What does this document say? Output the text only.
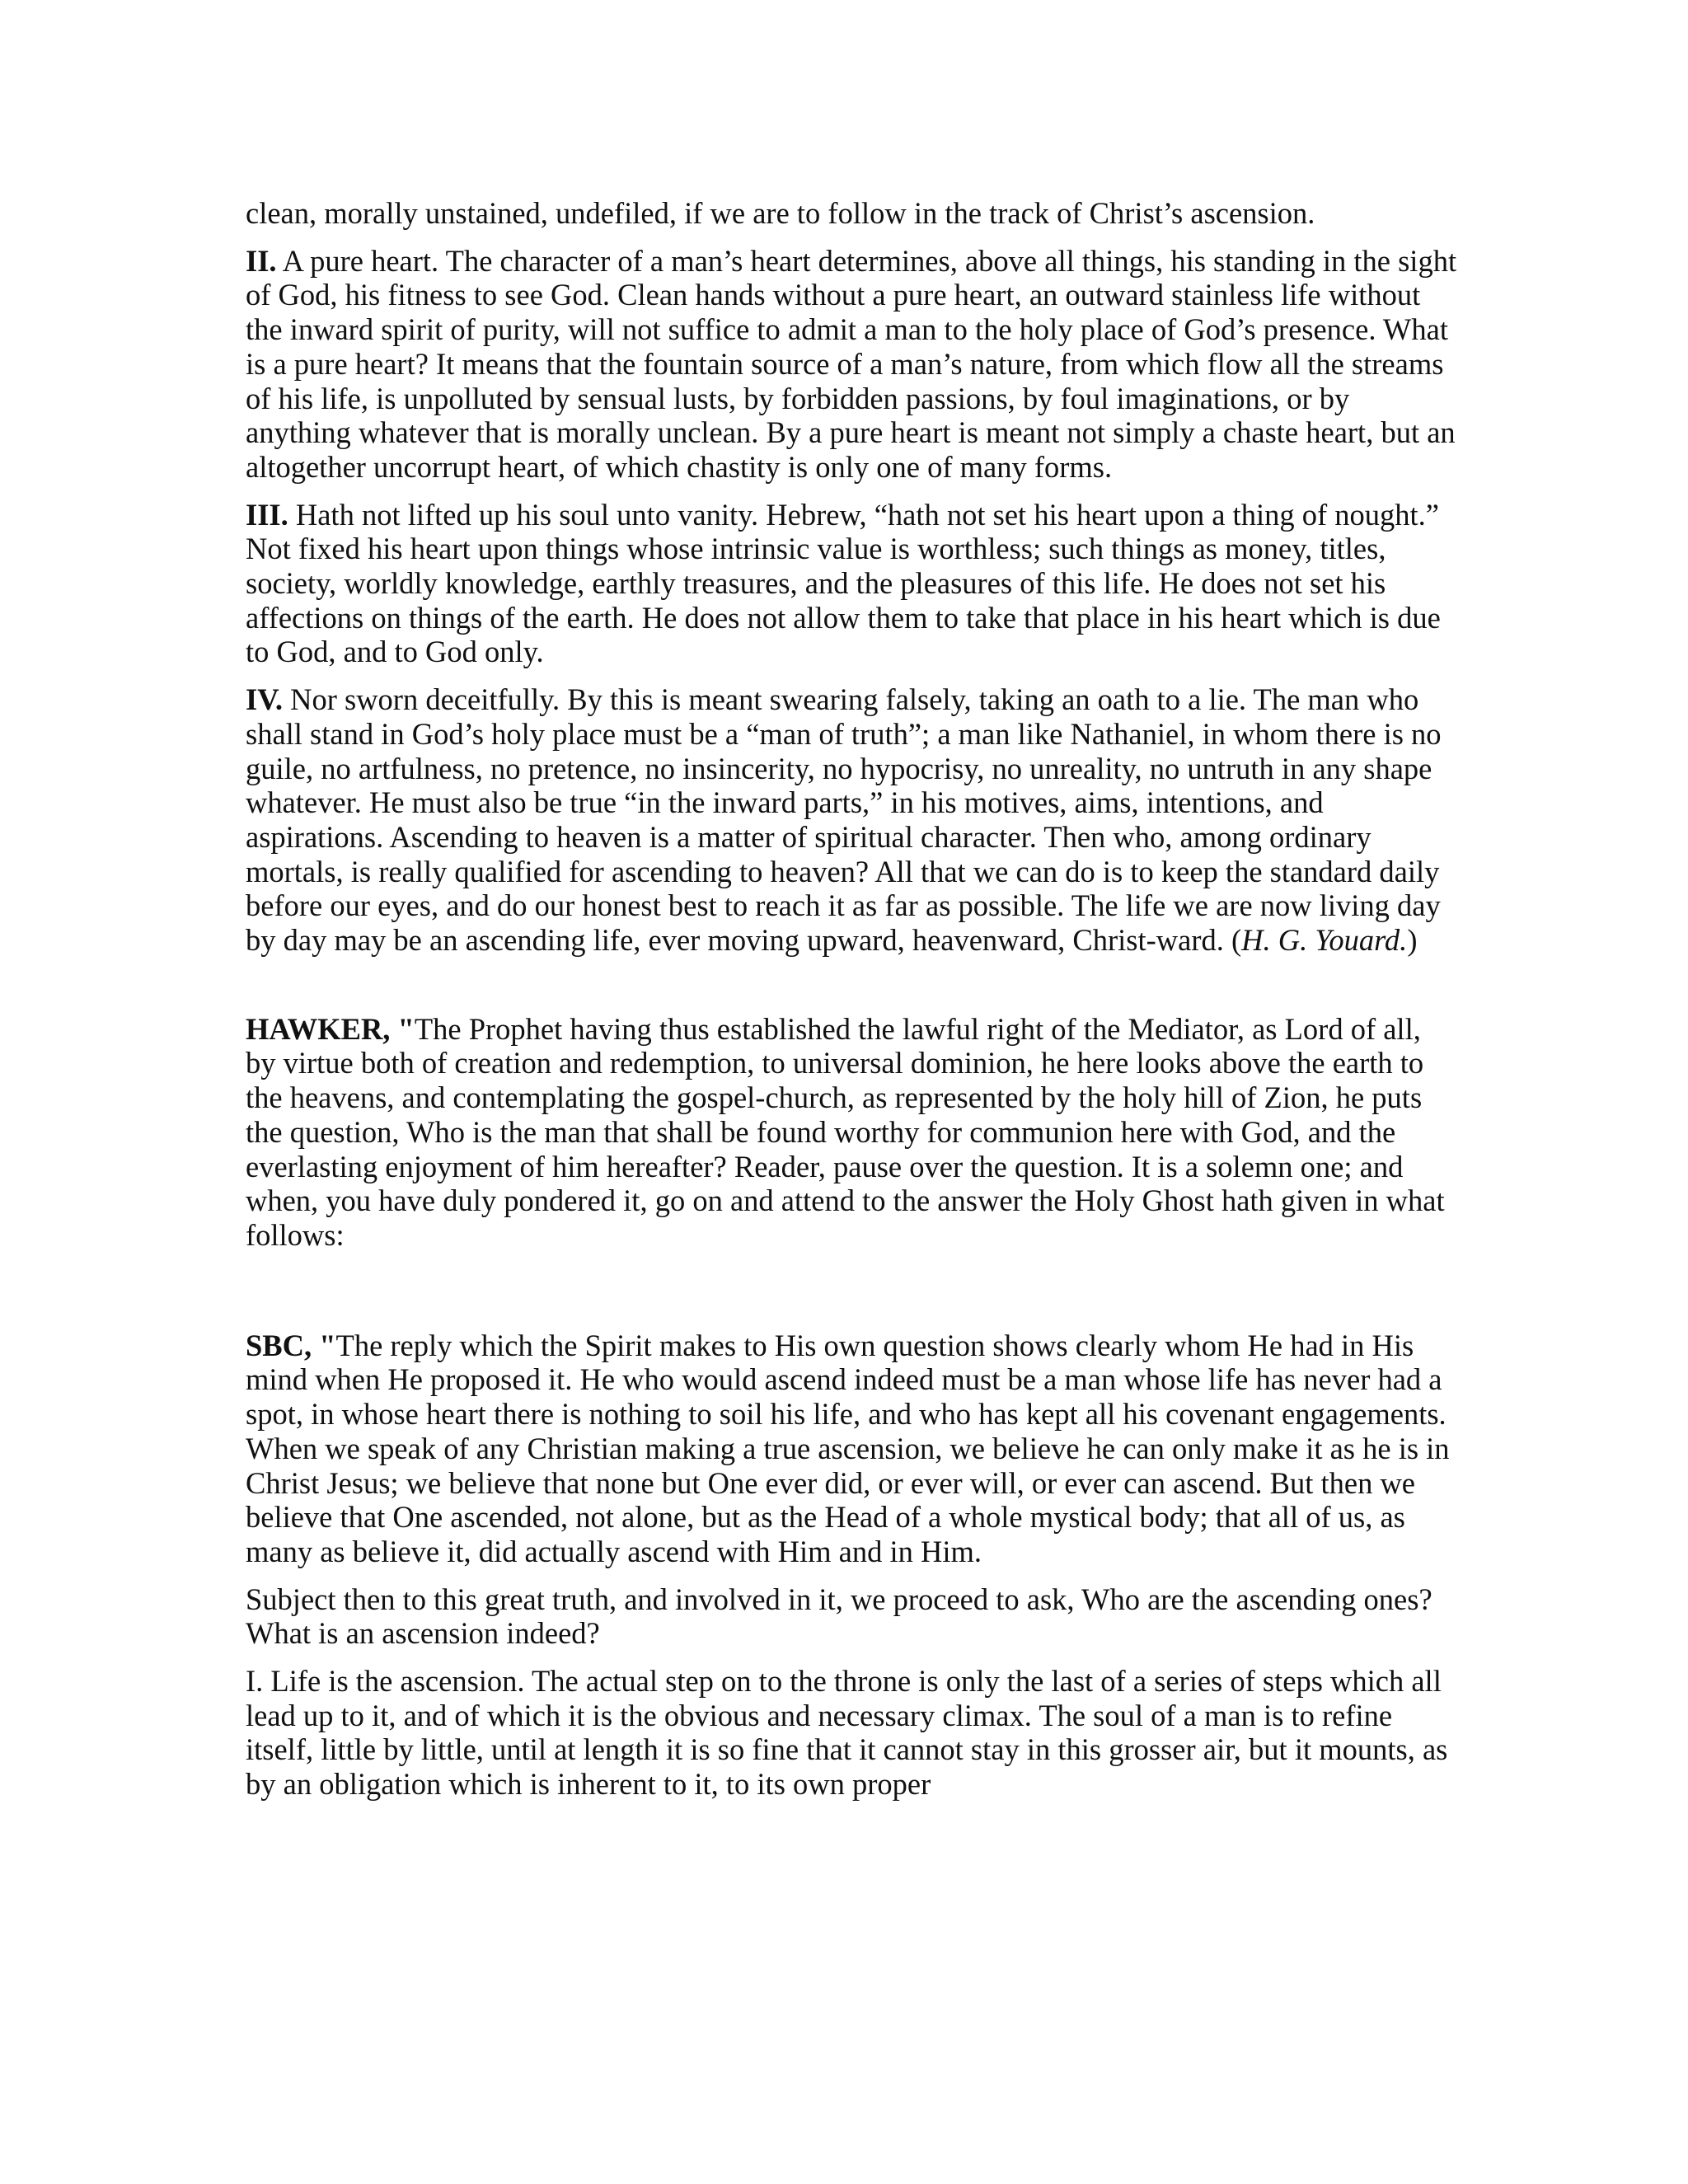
clean, morally unstained, undefiled, if we are to follow in the track of Christ’s ascension.

II. A pure heart. The character of a man’s heart determines, above all things, his standing in the sight of God, his fitness to see God. Clean hands without a pure heart, an outward stainless life without the inward spirit of purity, will not suffice to admit a man to the holy place of God’s presence. What is a pure heart? It means that the fountain source of a man’s nature, from which flow all the streams of his life, is unpolluted by sensual lusts, by forbidden passions, by foul imaginations, or by anything whatever that is morally unclean. By a pure heart is meant not simply a chaste heart, but an altogether uncorrupt heart, of which chastity is only one of many forms.

III. Hath not lifted up his soul unto vanity. Hebrew, “hath not set his heart upon a thing of nought.” Not fixed his heart upon things whose intrinsic value is worthless; such things as money, titles, society, worldly knowledge, earthly treasures, and the pleasures of this life. He does not set his affections on things of the earth. He does not allow them to take that place in his heart which is due to God, and to God only.

IV. Nor sworn deceitfully. By this is meant swearing falsely, taking an oath to a lie. The man who shall stand in God’s holy place must be a “man of truth”; a man like Nathaniel, in whom there is no guile, no artfulness, no pretence, no insincerity, no hypocrisy, no unreality, no untruth in any shape whatever. He must also be true “in the inward parts,” in his motives, aims, intentions, and aspirations. Ascending to heaven is a matter of spiritual character. Then who, among ordinary mortals, is really qualified for ascending to heaven? All that we can do is to keep the standard daily before our eyes, and do our honest best to reach it as far as possible. The life we are now living day by day may be an ascending life, ever moving upward, heavenward, Christ-ward. (H. G. Youard.)

HAWKER, "The Prophet having thus established the lawful right of the Mediator, as Lord of all, by virtue both of creation and redemption, to universal dominion, he here looks above the earth to the heavens, and contemplating the gospel-church, as represented by the holy hill of Zion, he puts the question, Who is the man that shall be found worthy for communion here with God, and the everlasting enjoyment of him hereafter? Reader, pause over the question. It is a solemn one; and when, you have duly pondered it, go on and attend to the answer the Holy Ghost hath given in what follows:

SBC, "The reply which the Spirit makes to His own question shows clearly whom He had in His mind when He proposed it. He who would ascend indeed must be a man whose life has never had a spot, in whose heart there is nothing to soil his life, and who has kept all his covenant engagements. When we speak of any Christian making a true ascension, we believe he can only make it as he is in Christ Jesus; we believe that none but One ever did, or ever will, or ever can ascend. But then we believe that One ascended, not alone, but as the Head of a whole mystical body; that all of us, as many as believe it, did actually ascend with Him and in Him.

Subject then to this great truth, and involved in it, we proceed to ask, Who are the ascending ones? What is an ascension indeed?

I. Life is the ascension. The actual step on to the throne is only the last of a series of steps which all lead up to it, and of which it is the obvious and necessary climax. The soul of a man is to refine itself, little by little, until at length it is so fine that it cannot stay in this grosser air, but it mounts, as by an obligation which is inherent to it, to its own proper
